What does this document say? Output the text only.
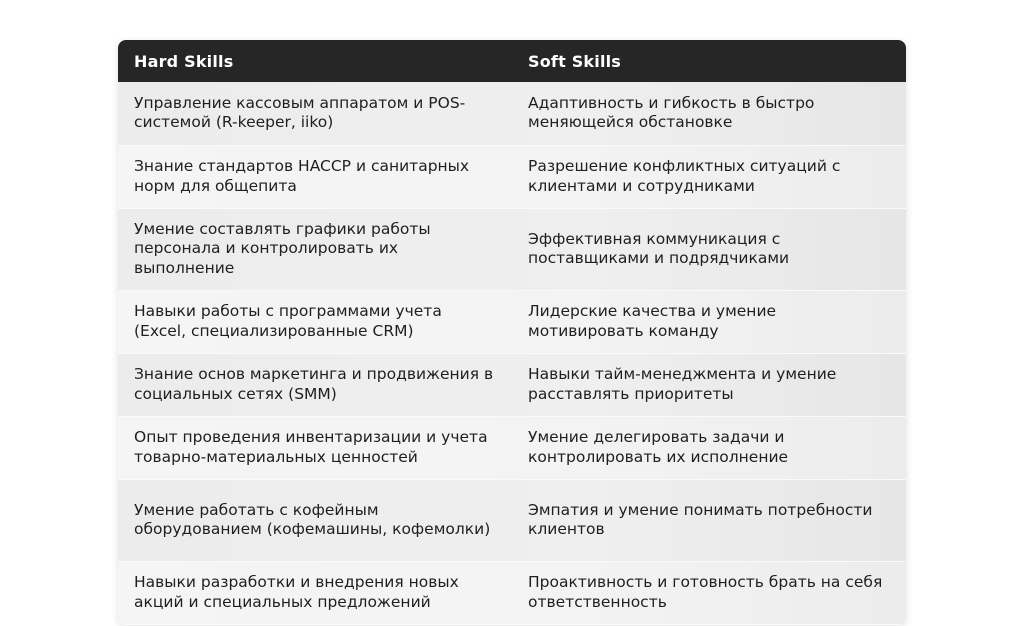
Hard Skills	Soft Skills
Управление кассовым аппаратом и POS-системой (R-keeper, iiko)	Адаптивность и гибкость в быстро меняющейся обстановке
Знание стандартов HACCP и санитарных норм для общепита	Разрешение конфликтных ситуаций с клиентами и сотрудниками
Умение составлять графики работы персонала и контролировать их выполнение	Эффективная коммуникация с поставщиками и подрядчиками
Навыки работы с программами учета (Excel, специализированные CRM)	Лидерские качества и умение мотивировать команду
Знание основ маркетинга и продвижения в социальных сетях (SMM)	Навыки тайм-менеджмента и умение расставлять приоритеты
Опыт проведения инвентаризации и учета товарно-материальных ценностей	Умение делегировать задачи и контролировать их исполнение
Умение работать с кофейным оборудованием (кофемашины, кофемолки)	Эмпатия и умение понимать потребности клиентов
Навыки разработки и внедрения новых акций и специальных предложений	Проактивность и готовность брать на себя ответственность
